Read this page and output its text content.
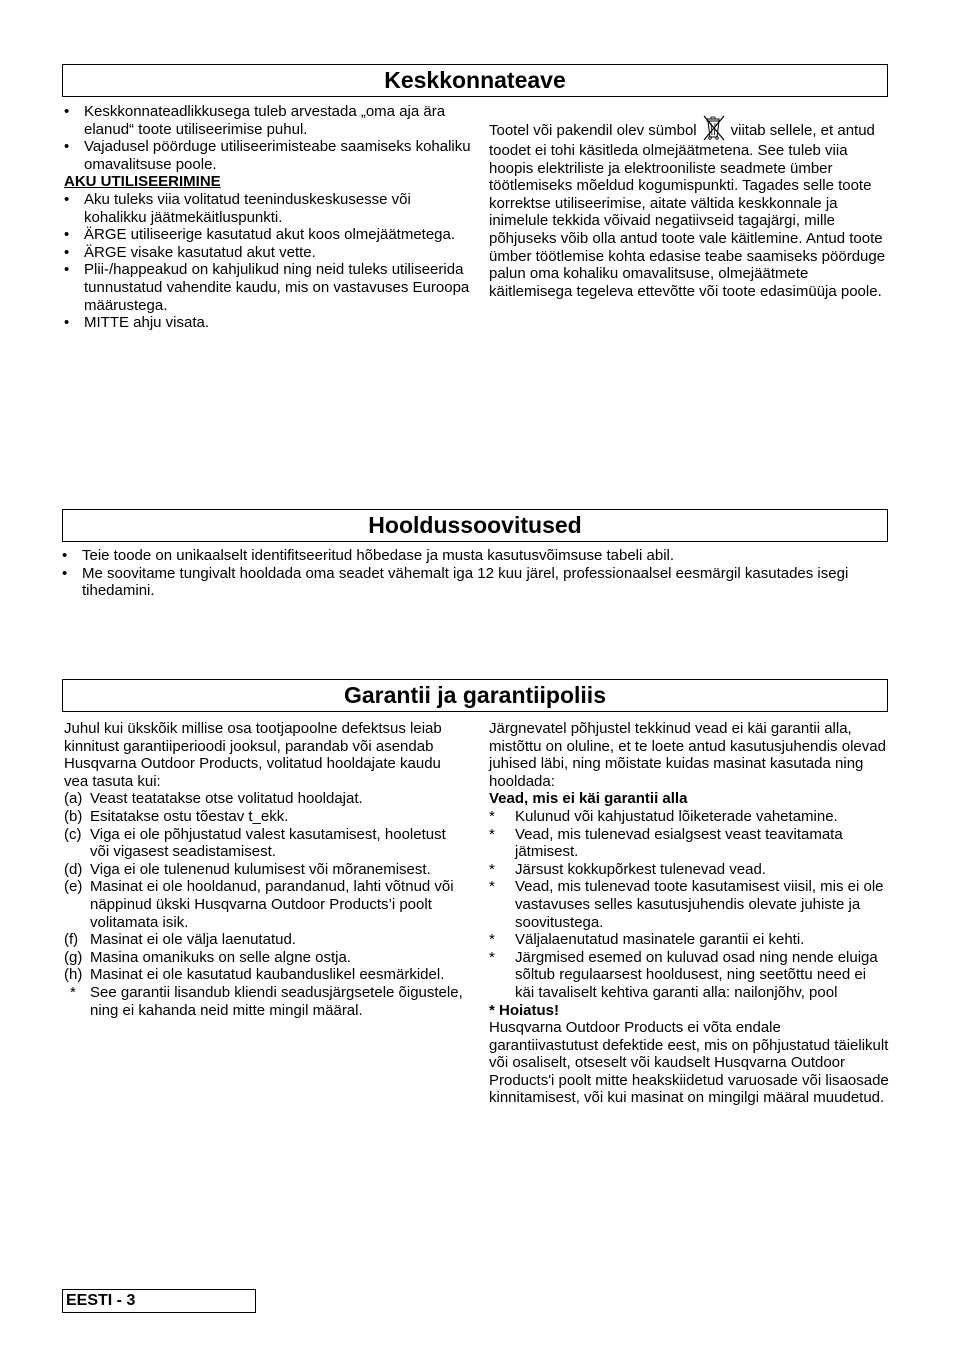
Keskkonnateave
• Keskkonnateadlikkusega tuleb arvestada „oma aja ära elanud“ toote utiliseerimise puhul.
• Vajadusel pöörduge utiliseerimisteabe saamiseks kohaliku omavalitsuse poole.
AKU UTILISEERIMINE
• Aku tuleks viia volitatud teeninduskeskusesse või kohalikku jäätmekäitluspunkti.
• ÄRGE utiliseerige kasutatud akut koos olmejäätmetega.
• ÄRGE visake kasutatud akut vette.
• Plii-/happeakud on kahjulikud ning neid tuleks utiliseerida tunnustatud vahendite kaudu, mis on vastavuses Euroopa määrustega.
• MITTE ahju visata.

Tootel või pakendil olev sümbol viitab sellele, et antud toodet ei tohi käsitleda olmejäätmetena. See tuleb viia hoopis elektriliste ja elektrooniliste seadmete ümber töötlemiseks mõeldud kogumispunkti. Tagades selle toote korrektse utiliseerimise, aitate vältida keskkonnale ja inimelule tekkida võivaid negatiivseid tagajärgi, mille põhjuseks võib olla antud toote vale käitlemine. Antud toote ümber töötlemise kohta edasise teabe saamiseks pöörduge palun oma kohaliku omavalitsuse, olmejäätmete käitlemisega tegeleva ettevõtte või toote edasimüüja poole.

Hooldussoovitused
• Teie toode on unikaalselt identifitseeritud hõbedase ja musta kasutusvõimsuse tabeli abil.
• Me soovitame tungivalt hooldada oma seadet vähemalt iga 12 kuu järel, professionaalsel eesmärgil kasutades isegi tihedamini.
Garantii ja garantiipoliis

Juhul kui ükskõik millise osa tootjapoolne defektsus leiab kinnitust garantiiperioodi jooksul, parandab või asendab Husqvarna Outdoor Products, volitatud hooldajate kaudu vea tasuta kui:

(a) Veast teatatakse otse volitatud hooldajat.
(b) Esitatakse ostu tõestav t_ekk.
(c) Viga ei ole põhjustatud valest kasutamisest, hooletust või vigasest seadistamisest.
(d) Viga ei ole tulenenud kulumisest või mõranemisest.
(e) Masinat ei ole hooldanud, parandanud, lahti võtnud või näppinud ükski Husqvarna Outdoor Products’i poolt volitamata isik.
(f) Masinat ei ole välja laenutatud.
(g) Masina omanikuks on selle algne ostja.
(h) Masinat ei ole kasutatud kaubanduslikel eesmärkidel.
* See garantii lisandub kliendi seadusjärgsetele õigustele, ning ei kahanda neid mitte mingil määral.

Järgnevatel põhjustel tekkinud vead ei käi garantii alla, mistõttu on oluline, et te loete antud kasutusjuhendis olevad juhised läbi, ning mõistate kuidas masinat kasutada ning hooldada:

Vead, mis ei käi garantii alla
* Kulunud või kahjustatud lõiketerade vahetamine.
* Vead, mis tulenevad esialgsest veast teavitamata jätmisest.
* Järsust kokkupõrkest tulenevad vead.
* Vead, mis tulenevad toote kasutamisest viisil, mis ei ole vastavuses selles kasutusjuhendis olevate juhiste ja soovitustega.
* Väljalaenutatud masinatele garantii ei kehti.
* Järgmised esemed on kuluvad osad ning nende eluiga sõltub regulaarsest hooldusest, ning seetõttu need ei käi tavaliselt kehtiva garanti alla: nailonjõhv, pool
* Hoiatus!

Husqvarna Outdoor Products ei võta endale garantiivastutust defektide eest, mis on põhjustatud täielikult või osaliselt, otseselt või kaudselt Husqvarna Outdoor Products'i poolt mitte heakskiidetud varuosade või lisaosade kinnitamisest, või kui masinat on mingilgi määral muudetud.

EESTI - 3
